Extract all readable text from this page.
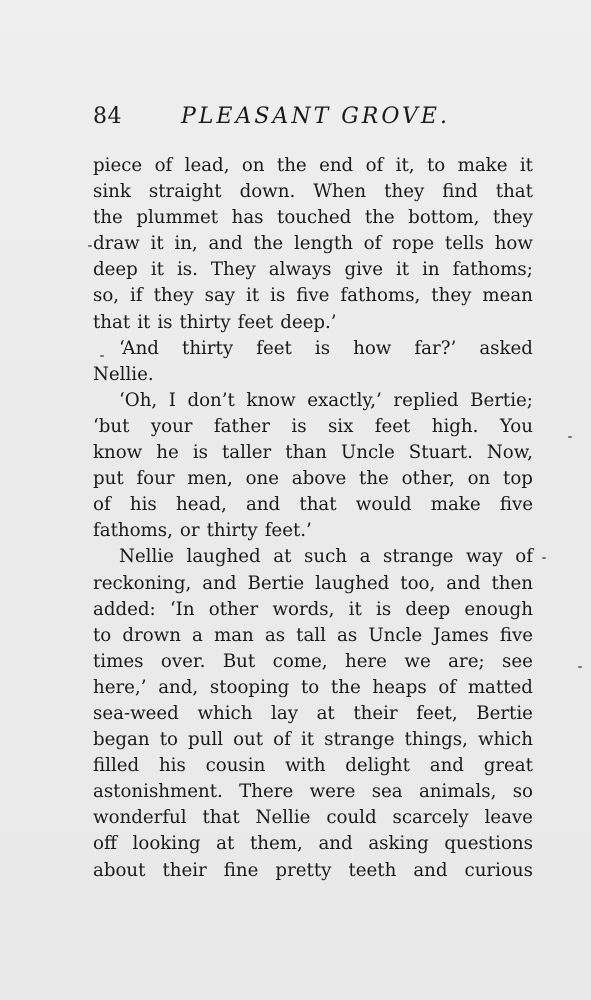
84	PLEASANT GROVE.
piece of lead, on the end of it, to make it
sink straight down. When they find that
the plummet has touched the bottom, they
draw it in, and the length of rope tells how
deep it is. They always give it in fathoms;
so, if they say it is five fathoms, they mean
that it is thirty feet deep.’
‘And thirty feet is how far?’ asked
Nellie.
‘Oh, I don’t know exactly,’ replied Bertie;
‘but your father is six feet high. You
know he is taller than Uncle Stuart. Now,
put four men, one above the other, on top
of his head, and that would make five
fathoms, or thirty feet.’
Nellie laughed at such a strange way of
reckoning, and Bertie laughed too, and then
added: ‘In other words, it is deep enough
to drown a man as tall as Uncle James five
times over. But come, here we are; see
here,’ and, stooping to the heaps of matted
sea-weed which lay at their feet, Bertie
began to pull out of it strange things, which
filled his cousin with delight and great
astonishment. There were sea animals, so
wonderful that Nellie could scarcely leave
off looking at them, and asking questions
about their fine pretty teeth and curious
